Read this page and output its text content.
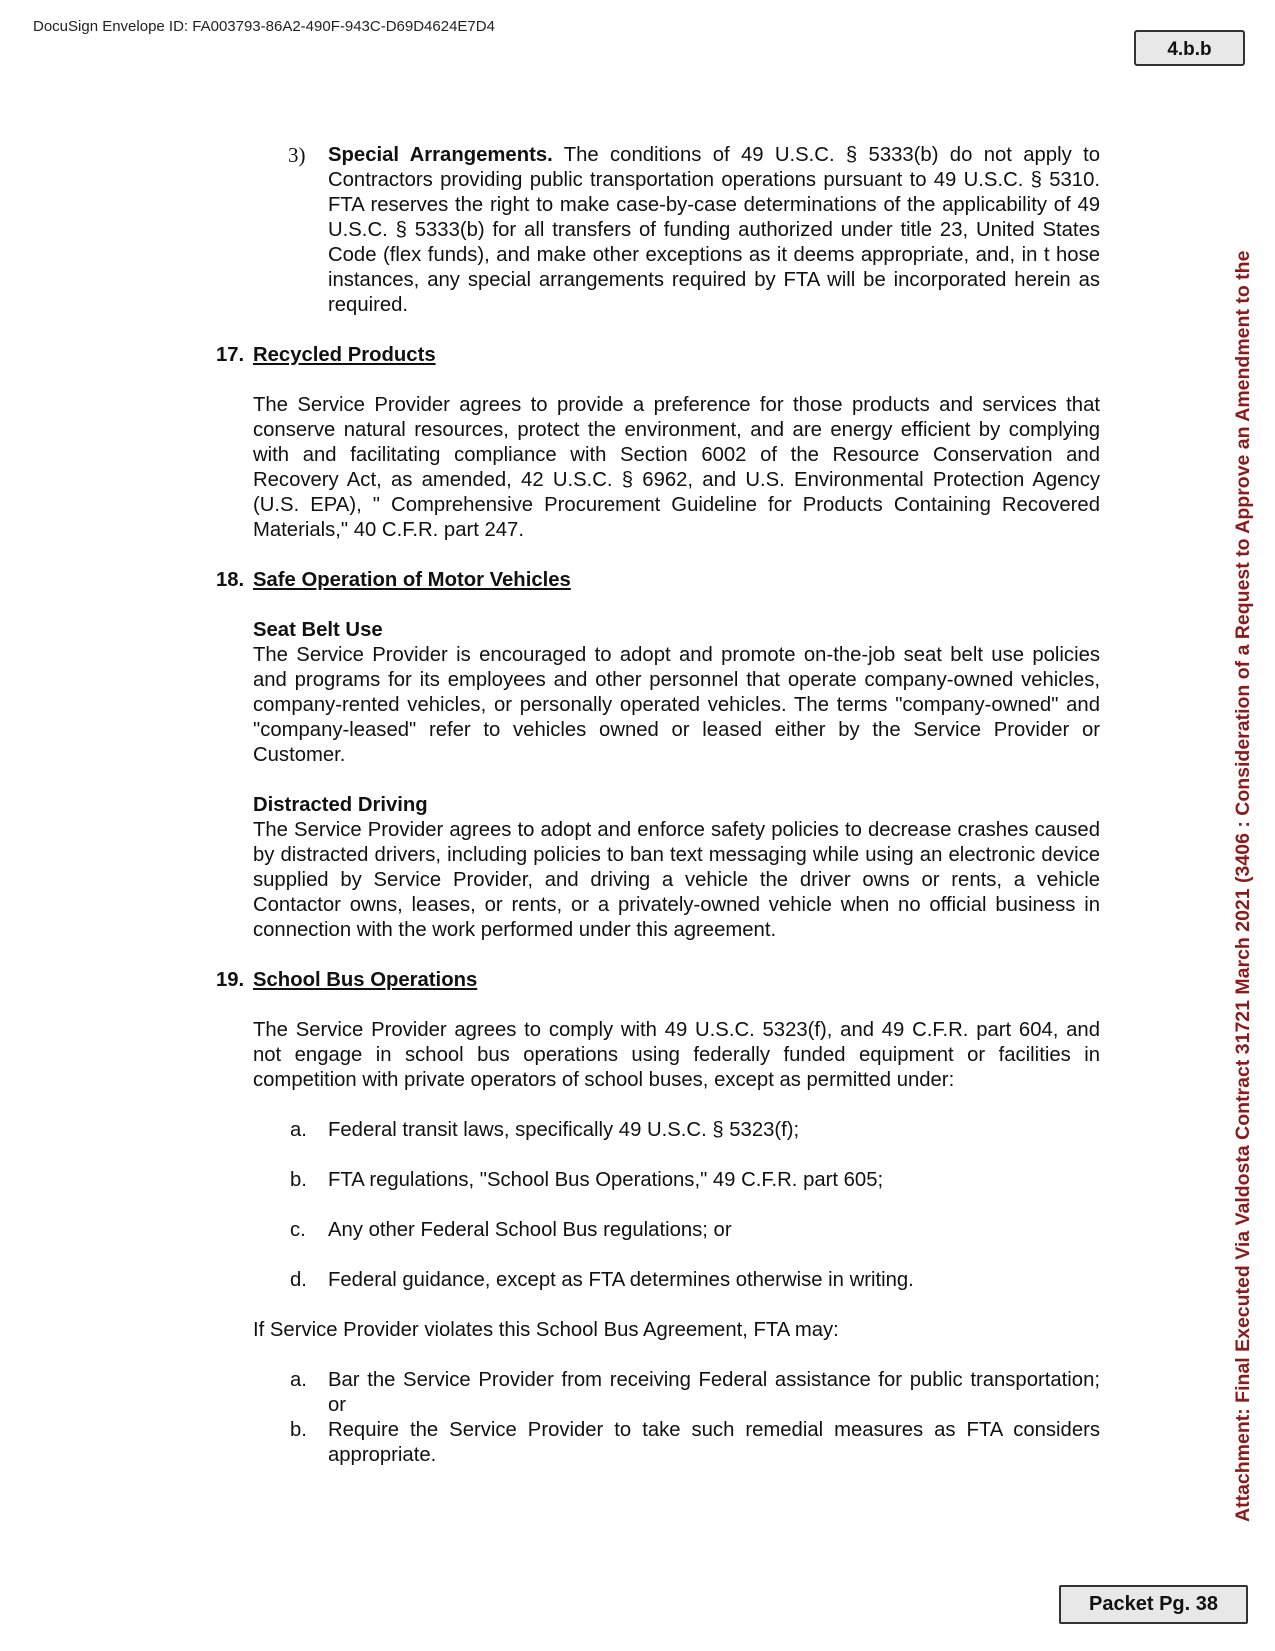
DocuSign Envelope ID: FA003793-86A2-490F-943C-D69D4624E7D4
4.b.b
Attachment: Final Executed Via Valdosta Contract 31721 March 2021 (3406 : Consideration of a Request to Approve an Amendment to the
Packet Pg. 38

3) Special Arrangements. The conditions of 49 U.S.C. § 5333(b) do not apply to Contractors providing public transportation operations pursuant to 49 U.S.C. § 5310. FTA reserves the right to make case-by-case determinations of the applicability of 49 U.S.C. § 5333(b) for all transfers of funding authorized under title 23, United States Code (flex funds), and make other exceptions as it deems appropriate, and, in t hose instances, any special arrangements required by FTA will be incorporated herein as required.

17. Recycled Products

The Service Provider agrees to provide a preference for those products and services that conserve natural resources, protect the environment, and are energy efficient by complying with and facilitating compliance with Section 6002 of the Resource Conservation and Recovery Act, as amended, 42 U.S.C. § 6962, and U.S. Environmental Protection Agency (U.S. EPA), " Comprehensive Procurement Guideline for Products Containing Recovered Materials," 40 C.F.R. part 247.

18. Safe Operation of Motor Vehicles

Seat Belt Use

The Service Provider is encouraged to adopt and promote on-the-job seat belt use policies and programs for its employees and other personnel that operate company-owned vehicles, company-rented vehicles, or personally operated vehicles. The terms "company-owned" and "company-leased" refer to vehicles owned or leased either by the Service Provider or Customer.

Distracted Driving

The Service Provider agrees to adopt and enforce safety policies to decrease crashes caused by distracted drivers, including policies to ban text messaging while using an electronic device supplied by Service Provider, and driving a vehicle the driver owns or rents, a vehicle Contactor owns, leases, or rents, or a privately-owned vehicle when no official business in connection with the work performed under this agreement.

19. School Bus Operations

The Service Provider agrees to comply with 49 U.S.C. 5323(f), and 49 C.F.R. part 604, and not engage in school bus operations using federally funded equipment or facilities in competition with private operators of school buses, except as permitted under:

a. Federal transit laws, specifically 49 U.S.C. § 5323(f);

b. FTA regulations, "School Bus Operations," 49 C.F.R. part 605;

c. Any other Federal School Bus regulations; or

d. Federal guidance, except as FTA determines otherwise in writing.

If Service Provider violates this School Bus Agreement, FTA may:

a. Bar the Service Provider from receiving Federal assistance for public transportation; or

b. Require the Service Provider to take such remedial measures as FTA considers appropriate.
